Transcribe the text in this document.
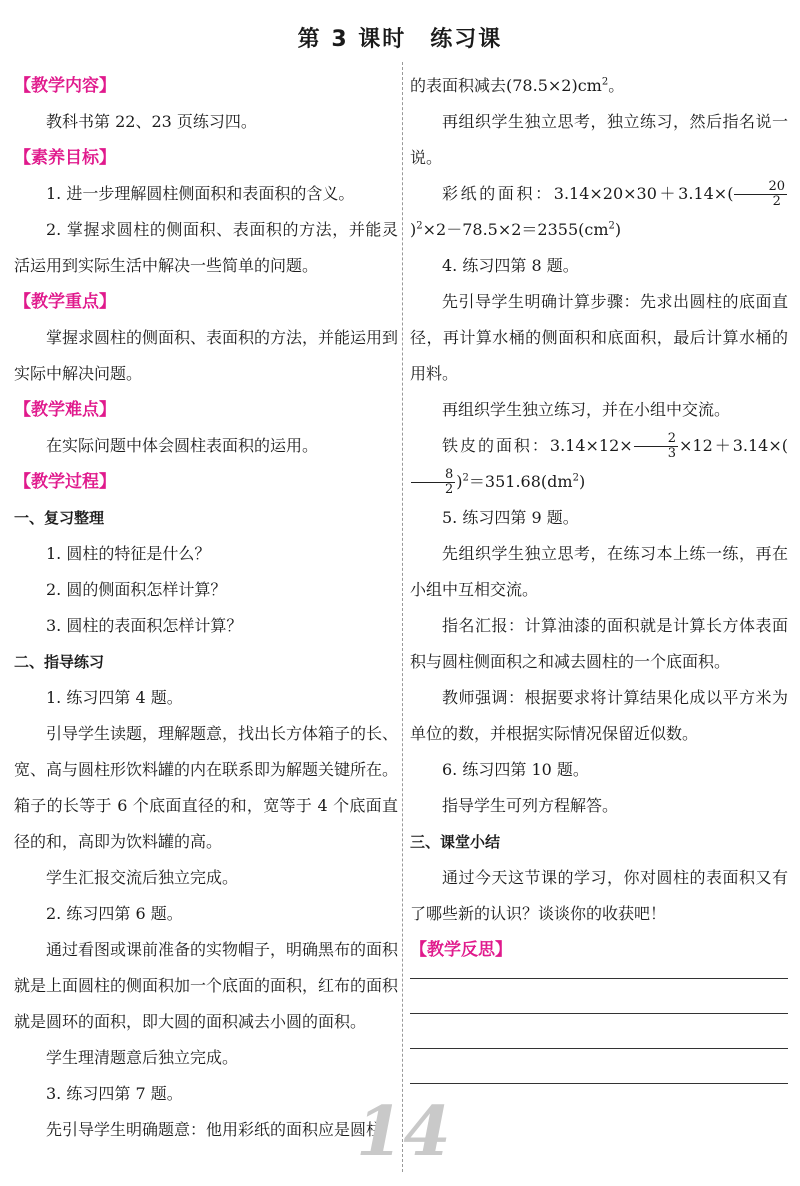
第 3 课时　练习课

【教学内容】

教科书第 22、23 页练习四。

【素养目标】

1. 进一步理解圆柱侧面积和表面积的含义。

2. 掌握求圆柱的侧面积、表面积的方法，并能灵活运用到实际生活中解决一些简单的问题。

【教学重点】

掌握求圆柱的侧面积、表面积的方法，并能运用到实际中解决问题。

【教学难点】

在实际问题中体会圆柱表面积的运用。

【教学过程】

一、复习整理

1. 圆柱的特征是什么？

2. 圆的侧面积怎样计算？

3. 圆柱的表面积怎样计算？

二、指导练习

1. 练习四第 4 题。

引导学生读题，理解题意，找出长方体箱子的长、宽、高与圆柱形饮料罐的内在联系即为解题关键所在。箱子的长等于 6 个底面直径的和，宽等于 4 个底面直径的和，高即为饮料罐的高。

学生汇报交流后独立完成。

2. 练习四第 6 题。

通过看图或课前准备的实物帽子，明确黑布的面积就是上面圆柱的侧面积加一个底面的面积，红布的面积就是圆环的面积，即大圆的面积减去小圆的面积。

学生理清题意后独立完成。

3. 练习四第 7 题。

先引导学生明确题意：他用彩纸的面积应是圆柱

的表面积减去$(78.5\times 2)cm^2$。

再组织学生独立思考，独立练习，然后指名说一说。

彩纸的面积：$3.14\times 20\times 30+3.14\times( \frac{20}{2}$
)$^2\times 2-78.5\times 2=2355(cm^2)$

4. 练习四第 8 题。

先引导学生明确计算步骤：先求出圆柱的底面直径，再计算水桶的侧面积和底面积，最后计算水桶的用料。

再组织学生独立练习，并在小组中交流。

铁皮的面积：$3.14\times 12\times \frac{2}{3} \times 12+3.14\times$(
$\frac{8}{2} )^2=351.68(dm^2)$

5. 练习四第 9 题。

先组织学生独立思考，在练习本上练一练，再在小组中互相交流。

指名汇报：计算油漆的面积就是计算长方体表面积与圆柱侧面积之和减去圆柱的一个底面积。

教师强调：根据要求将计算结果化成以平方米为单位的数，并根据实际情况保留近似数。

6. 练习四第 10 题。

指导学生可列方程解答。

三、课堂小结

通过今天这节课的学习，你对圆柱的表面积又有了哪些新的认识？谈谈你的收获吧！

【教学反思】

14
